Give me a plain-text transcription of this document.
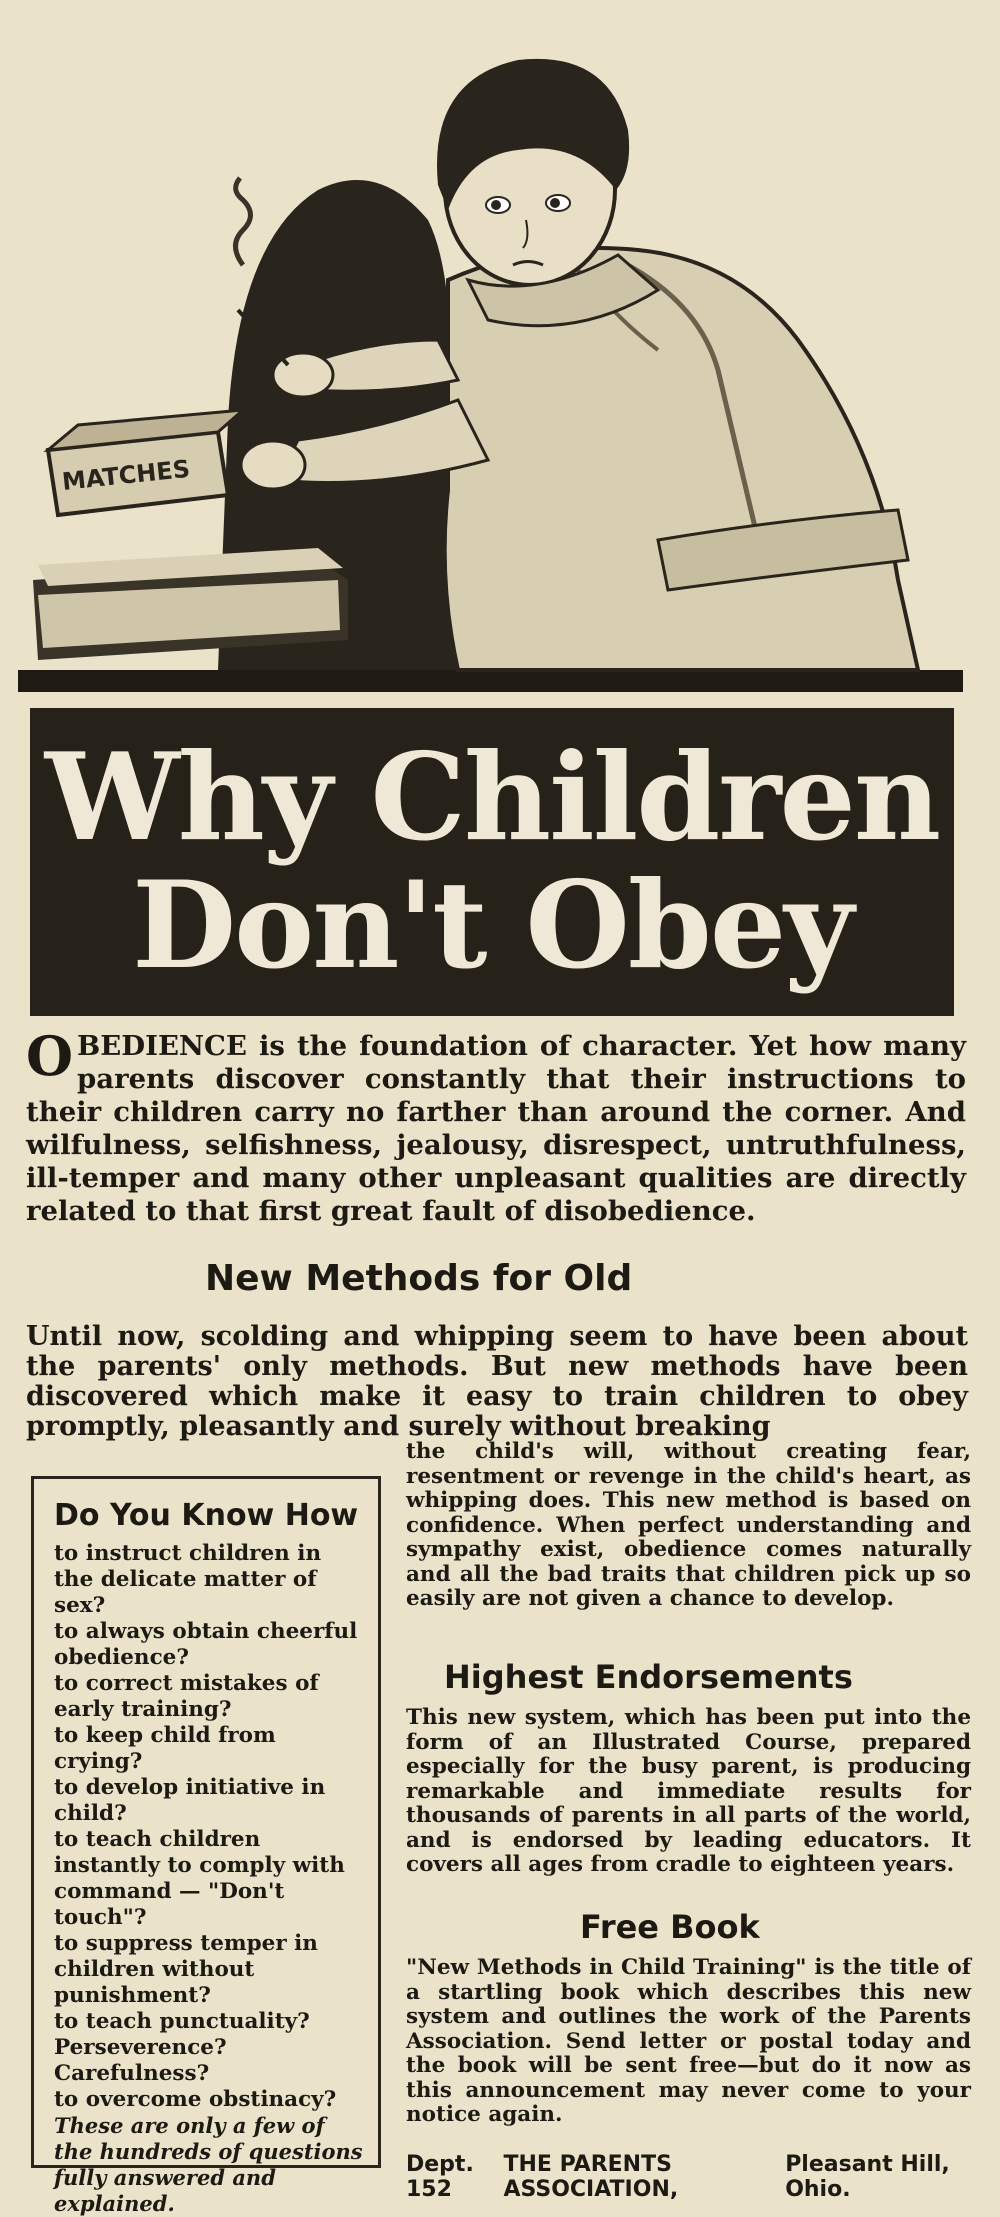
MATCHES
Why Children
Don't Obey
O BEDIENCE is the foundation of character. Yet how many parents discover constantly that their instructions to their children carry no farther than around the corner. And wilfulness, selfishness, jealousy, disrespect, untruthfulness, ill-temper and many other unpleasant qualities are directly related to that first great fault of disobedience.
New Methods for Old
Until now, scolding and whipping seem to have been about the parents' only methods. But new methods have been discovered which make it easy to train children to obey promptly, pleasantly and surely without breaking
the child's will, without creating fear, resentment or revenge in the child's heart, as whipping does. This new method is based on confidence. When perfect understanding and sympathy exist, obedience comes naturally and all the bad traits that children pick up so easily are not given a chance to develop.
Do You Know How
to instruct children in the delicate matter of sex?
to always obtain cheerful obedience?
to correct mistakes of early training?
to keep child from crying?
to develop initiative in child?
to teach children instantly to comply with command — "Don't touch"?
to suppress temper in children without punishment?
to teach punctuality? Perseverence? Carefulness?
to overcome obstinacy?
These are only a few of the hundreds of questions fully answered and explained.
Highest Endorsements
This new system, which has been put into the form of an Illustrated Course, prepared especially for the busy parent, is producing remarkable and immediate results for thousands of parents in all parts of the world, and is endorsed by leading educators. It covers all ages from cradle to eighteen years.
Free Book
"New Methods in Child Training" is the title of a startling book which describes this new system and outlines the work of the Parents Association. Send letter or postal today and the book will be sent free—but do it now as this announcement may never come to your notice again.
Dept. 152
THE PARENTS ASSOCIATION,
Pleasant Hill, Ohio.
